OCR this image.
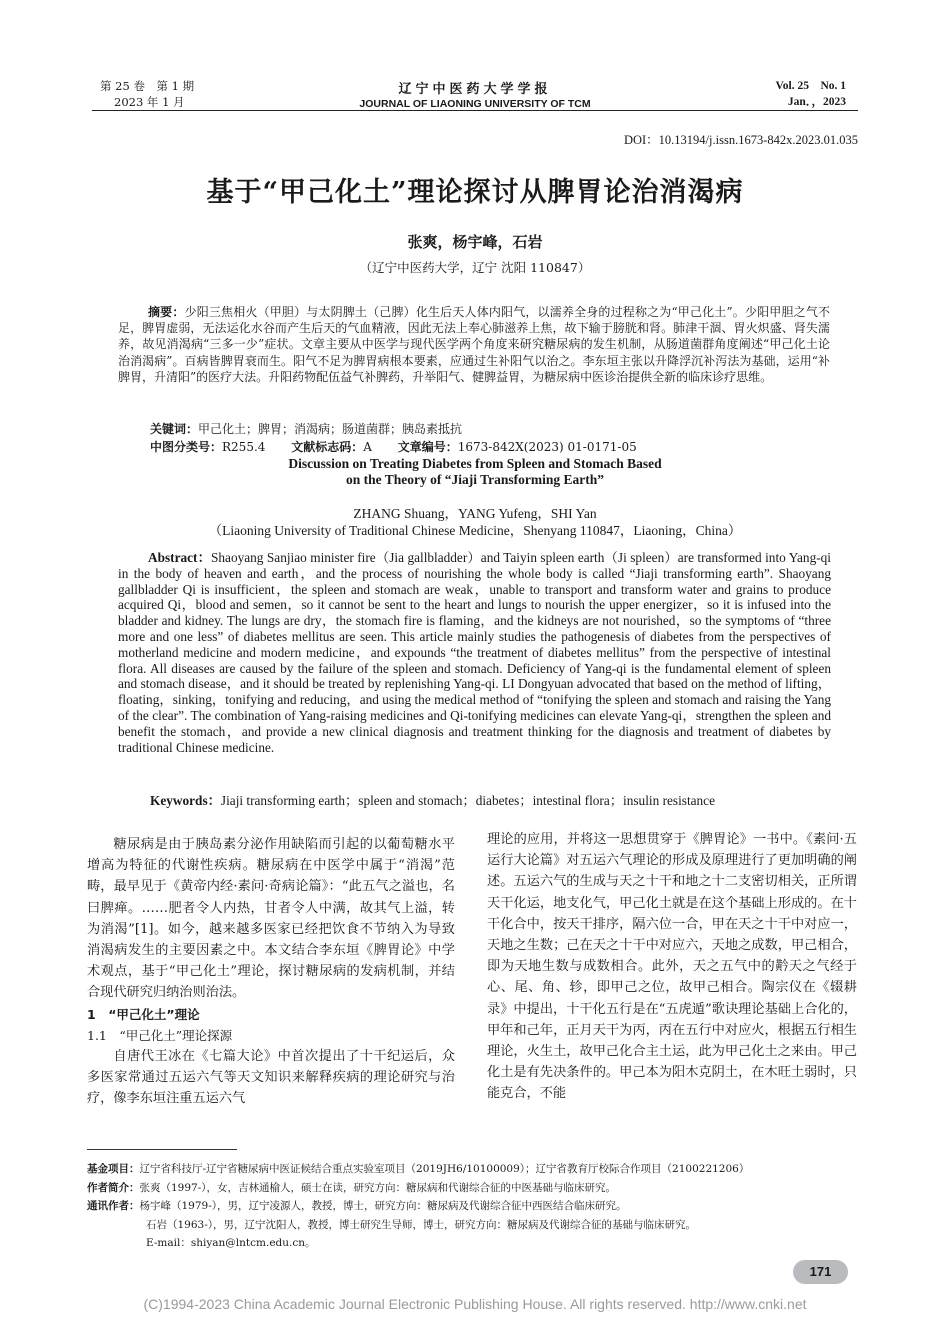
第 25 卷　第 1 期
2023 年 1 月
辽宁中医药大学学报
JOURNAL OF LIAONING UNIVERSITY OF TCM
Vol. 25　No. 1
Jan．，2023
DOI：10.13194/j.issn.1673-842x.2023.01.035
基于“甲己化土”理论探讨从脾胃论治消渴病
张爽，杨宇峰，石岩
（辽宁中医药大学，辽宁 沈阳 110847）
摘要：少阳三焦相火（甲胆）与太阴脾土（己脾）化生后天人体内阳气，以濡养全身的过程称之为“甲己化土”。少阳甲胆之气不足，脾胃虚弱，无法运化水谷而产生后天的气血精液，因此无法上奉心肺滋养上焦，故下输于膀胱和肾。肺津干涸、胃火炽盛、肾失濡养，故见消渴病“三多一少”症状。文章主要从中医学与现代医学两个角度来研究糖尿病的发生机制，从肠道菌群角度阐述“甲己化土论治消渴病”。百病皆脾胃衰而生。阳气不足为脾胃病根本要素，应通过生补阳气以治之。李东垣主张以升降浮沉补泻法为基础，运用“补脾胃，升清阳”的医疗大法。升阳药物配伍益气补脾药，升举阳气、健脾益胃，为糖尿病中医诊治提供全新的临床诊疗思维。
关键词：甲己化土；脾胃；消渴病；肠道菌群；胰岛素抵抗
中图分类号：R255.4 文献标志码：A 文章编号：1673-842X(2023) 01-0171-05
Discussion on Treating Diabetes from Spleen and Stomach Based
on the Theory of “Jiaji Transforming Earth”
ZHANG Shuang，YANG Yufeng，SHI Yan
（Liaoning University of Traditional Chinese Medicine，Shenyang 110847，Liaoning，China）
Abstract：Shaoyang Sanjiao minister fire（Jia gallbladder）and Taiyin spleen earth（Ji spleen）are transformed into Yang-qi in the body of heaven and earth，and the process of nourishing the whole body is called “Jiaji transforming earth”. Shaoyang gallbladder Qi is insufficient，the spleen and stomach are weak，unable to transport and transform water and grains to produce acquired Qi，blood and semen，so it cannot be sent to the heart and lungs to nourish the upper energizer，so it is infused into the bladder and kidney. The lungs are dry，the stomach fire is flaming，and the kidneys are not nourished，so the symptoms of “three more and one less” of diabetes mellitus are seen. This article mainly studies the pathogenesis of diabetes from the perspectives of motherland medicine and modern medicine，and expounds “the treatment of diabetes mellitus” from the perspective of intestinal flora. All diseases are caused by the failure of the spleen and stomach. Deficiency of Yang-qi is the fundamental element of spleen and stomach disease，and it should be treated by replenishing Yang-qi. LI Dongyuan advocated that based on the method of lifting，floating，sinking，tonifying and reducing，and using the medical method of “tonifying the spleen and stomach and raising the Yang of the clear”. The combination of Yang-raising medicines and Qi-tonifying medicines can elevate Yang-qi，strengthen the spleen and benefit the stomach，and provide a new clinical diagnosis and treatment thinking for the diagnosis and treatment of diabetes by traditional Chinese medicine.
Keywords：Jiaji transforming earth；spleen and stomach；diabetes；intestinal flora；insulin resistance

糖尿病是由于胰岛素分泌作用缺陷而引起的以葡萄糖水平增高为特征的代谢性疾病。糖尿病在中医学中属于“消渴”范畴，最早见于《黄帝内经·素问·奇病论篇》：“此五气之溢也，名曰脾瘅。……肥者令人内热，甘者令人中满，故其气上溢，转为消渴”[1]。如今，越来越多医家已经把饮食不节纳入为导致消渴病发生的主要因素之中。本文结合李东垣《脾胃论》中学术观点，基于“甲己化土”理论，探讨糖尿病的发病机制，并结合现代研究归纳治则治法。

1　“甲己化土”理论

1.1　“甲己化土”理论探源

自唐代王冰在《七篇大论》中首次提出了十干纪运后，众多医家常通过五运六气等天文知识来解释疾病的理论研究与治疗，像李东垣注重五运六气

理论的应用，并将这一思想贯穿于《脾胃论》一书中。《素问·五运行大论篇》对五运六气理论的形成及原理进行了更加明确的阐述。五运六气的生成与天之十干和地之十二支密切相关，正所谓天干化运，地支化气，甲己化土就是在这个基础上形成的。在十干化合中，按天干排序，隔六位一合，甲在天之十干中对应一，天地之生数；己在天之十干中对应六，天地之成数，甲己相合，即为天地生数与成数相合。此外，天之五气中的黅天之气经于心、尾、角、轸，即甲己之位，故甲己相合。陶宗仪在《辍耕录》中提出，十干化五行是在“五虎遁”歌诀理论基础上合化的，甲年和己年，正月天干为丙，丙在五行中对应火，根据五行相生理论，火生土，故甲己化合主土运，此为甲己化土之来由。甲己化土是有先决条件的。甲己本为阳木克阴土，在木旺土弱时，只能克合，不能

基金项目：辽宁省科技厅-辽宁省糖尿病中医证候结合重点实验室项目（2019JH6/10100009）；辽宁省教育厅校际合作项目（2100221206）
作者简介：张爽（1997-），女，吉林通榆人，硕士在读，研究方向：糖尿病和代谢综合征的中医基础与临床研究。
通讯作者：杨宇峰（1979-），男，辽宁凌源人，教授，博士，研究方向：糖尿病及代谢综合征中西医结合临床研究。
石岩（1963-），男，辽宁沈阳人，教授，博士研究生导师，博士，研究方向：糖尿病及代谢综合征的基础与临床研究。
E-mail：shiyan@lntcm.edu.cn。
171
(C)1994-2023 China Academic Journal Electronic Publishing House. All rights reserved. http://www.cnki.net
